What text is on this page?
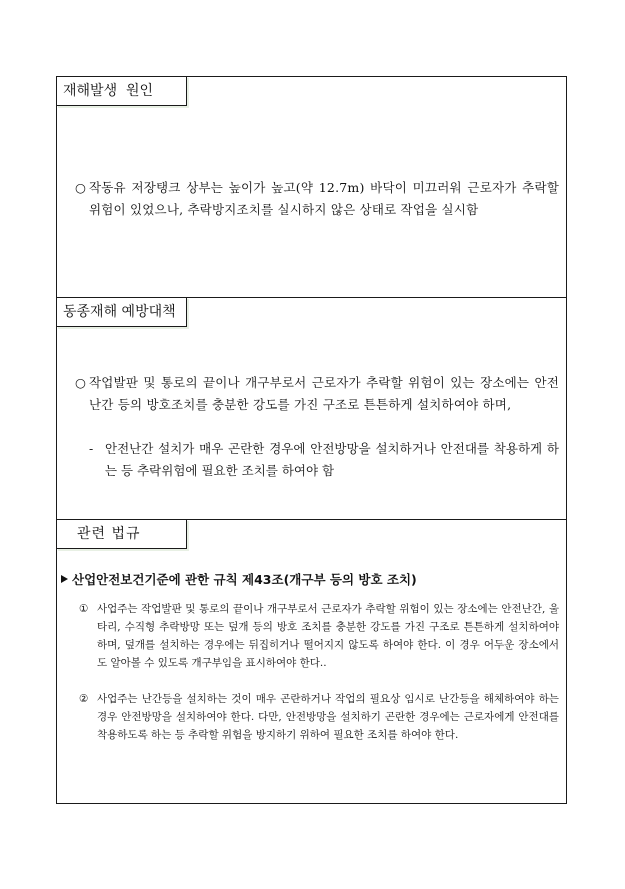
재해발생  원인
○ 작동유 저장탱크 상부는 높이가 높고(약 12.7m) 바닥이 미끄러워 근로자가 추락할 위험이 있었으나, 추락방지조치를 실시하지 않은 상태로 작업을 실시함
동종재해 예방대책
○ 작업발판 및 통로의 끝이나 개구부로서 근로자가 추락할 위험이 있는 장소에는 안전난간 등의 방호조치를 충분한 강도를 가진 구조로 튼튼하게 설치하여야 하며,
- 안전난간 설치가 매우 곤란한 경우에 안전방망을 설치하거나 안전대를 착용하게 하는 등 추락위험에 필요한 조치를 하여야 함
관련 법규
산업안전보건기준에 관한 규칙 제43조(개구부 등의 방호 조치)
① 사업주는 작업발판 및 통로의 끝이나 개구부로서 근로자가 추락할 위험이 있는 장소에는 안전난간, 울타리, 수직형 추락방망 또는 덮개 등의 방호 조치를 충분한 강도를 가진 구조로 튼튼하게 설치하여야 하며, 덮개를 설치하는 경우에는 뒤집히거나 떨어지지 않도록 하여야 한다. 이 경우 어두운 장소에서도 알아볼 수 있도록 개구부임을 표시하여야 한다..
② 사업주는 난간등을 설치하는 것이 매우 곤란하거나 작업의 필요상 임시로 난간등을 해체하여야 하는 경우 안전방망을 설치하여야 한다. 다만, 안전방망을 설치하기 곤란한 경우에는 근로자에게 안전대를 착용하도록 하는 등 추락할 위험을 방지하기 위하여 필요한 조치를 하여야 한다.
